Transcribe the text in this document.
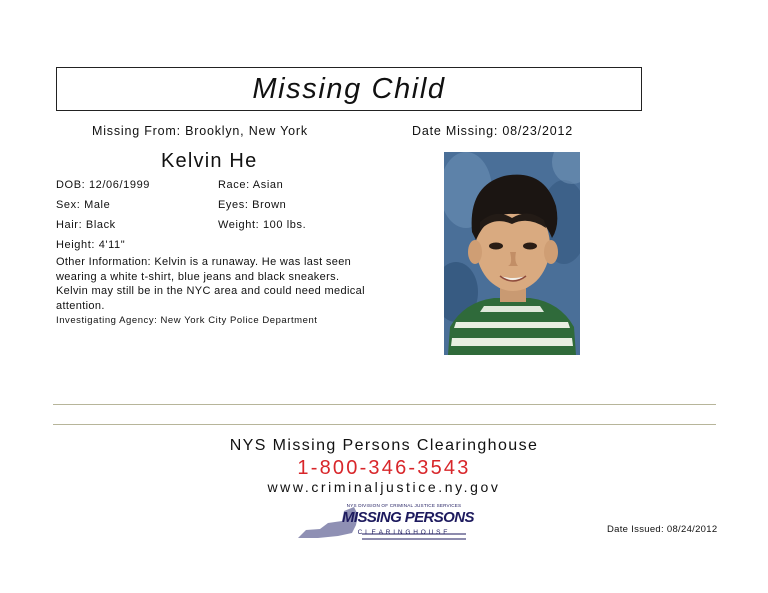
Missing Child
Missing From: Brooklyn, New York	Date Missing: 08/23/2012
Kelvin He
DOB: 12/06/1999	Race: Asian
Sex: Male	Eyes: Brown
Hair: Black	Weight: 100 lbs.
Height: 4'11"
Other Information: Kelvin is a runaway. He was last seen wearing a white t-shirt, blue jeans and black sneakers. Kelvin may still be in the NYC area and could need medical attention.
Investigating Agency: New York City Police Department
NYS Missing Persons Clearinghouse
1-800-346-3543
www.criminaljustice.ny.gov
NYS DIVISION OF CRIMINAL JUSTICE SERVICES
MISSING PERSONS
CLEARINGHOUSE	Date Issued: 08/24/2012
